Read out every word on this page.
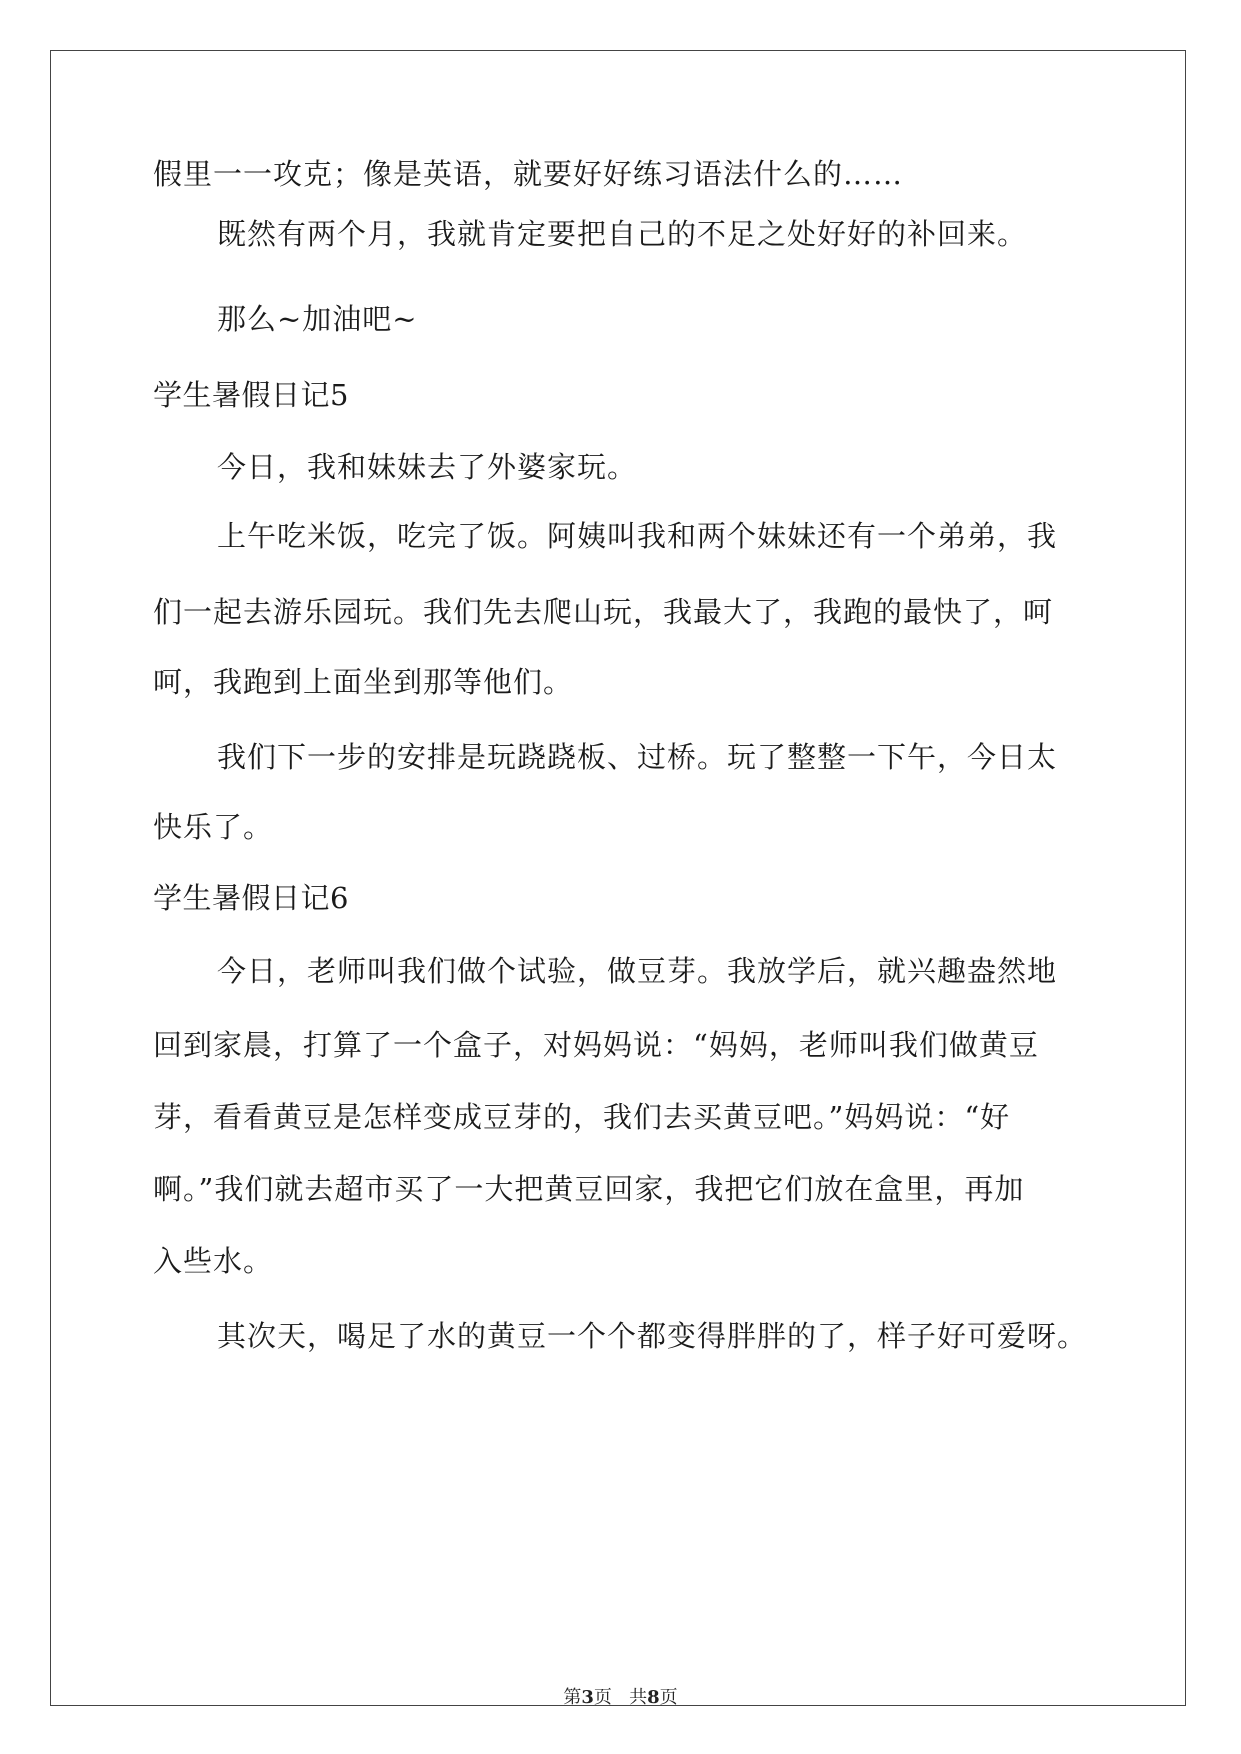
假里一一攻克；像是英语，就要好好练习语法什么的……
既然有两个月，我就肯定要把自己的不足之处好好的补回来。
那么~加油吧~
学生暑假日记5
今日，我和妹妹去了外婆家玩。
上午吃米饭，吃完了饭。阿姨叫我和两个妹妹还有一个弟弟，我
们一起去游乐园玩。我们先去爬山玩，我最大了，我跑的最快了，呵
呵，我跑到上面坐到那等他们。
我们下一步的安排是玩跷跷板、过桥。玩了整整一下午，今日太
快乐了。
学生暑假日记6
今日，老师叫我们做个试验，做豆芽。我放学后，就兴趣盎然地
回到家晨，打算了一个盒子，对妈妈说：“妈妈，老师叫我们做黄豆
芽，看看黄豆是怎样变成豆芽的，我们去买黄豆吧。”妈妈说：“好
啊。”我们就去超市买了一大把黄豆回家，我把它们放在盒里，再加
入些水。
其次天，喝足了水的黄豆一个个都变得胖胖的了，样子好可爱呀。
第3页 共8页
